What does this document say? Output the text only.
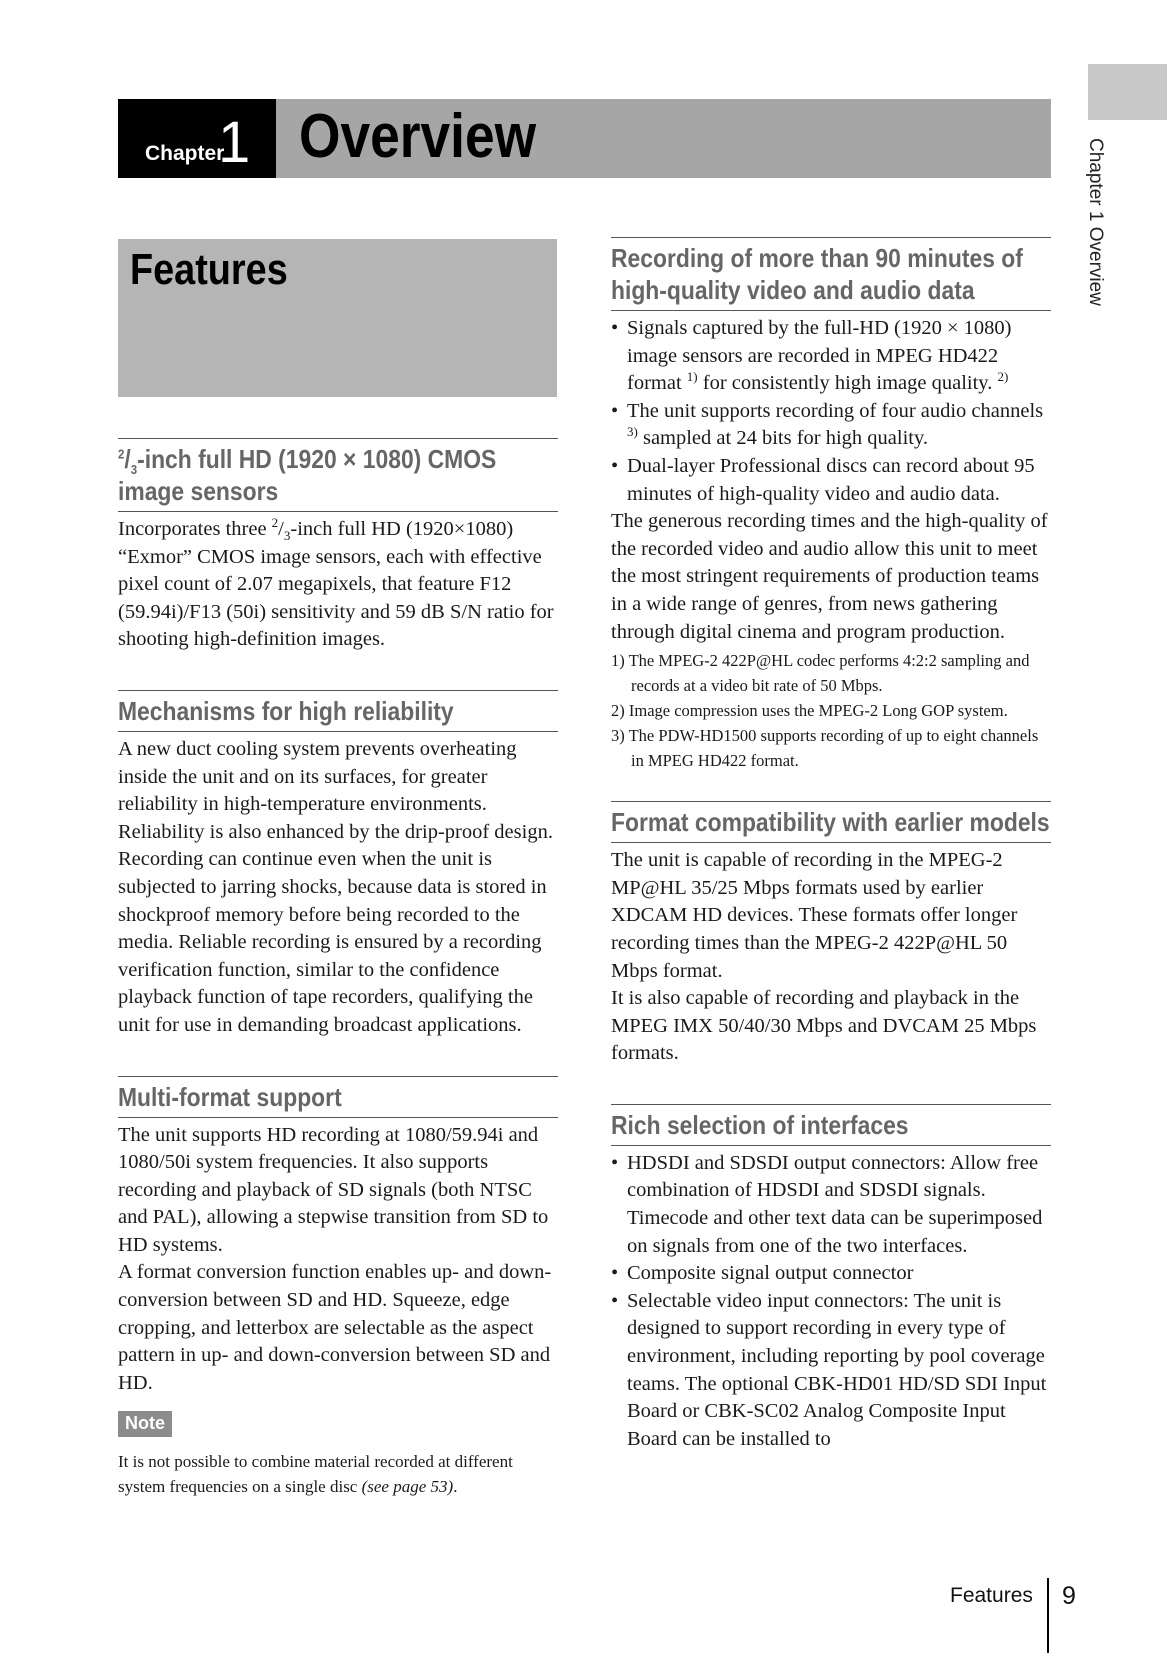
Chapter
1 Overview
Chapter 1 Overview
Features
$^2/_3$-inch full HD (1920 × 1080) CMOS image sensors

Incorporates three $^2/_3$-inch full HD (1920×1080) “Exmor” CMOS image sensors, each with effective pixel count of 2.07 megapixels, that feature F12 (59.94i)/F13 (50i) sensitivity and 59 dB S/N ratio for shooting high-definition images.

Mechanisms for high reliability

A new duct cooling system prevents overheating inside the unit and on its surfaces, for greater reliability in high-temperature environments. Reliability is also enhanced by the drip-proof design.

Recording can continue even when the unit is subjected to jarring shocks, because data is stored in shockproof memory before being recorded to the media. Reliable recording is ensured by a recording verification function, similar to the confidence playback function of tape recorders, qualifying the unit for use in demanding broadcast applications.

Multi-format support

The unit supports HD recording at 1080/59.94i and 1080/50i system frequencies. It also supports recording and playback of SD signals (both NTSC and PAL), allowing a stepwise transition from SD to HD systems.

A format conversion function enables up- and down-conversion between SD and HD. Squeeze, edge cropping, and letterbox are selectable as the aspect pattern in up- and down-conversion between SD and HD.

Note

It is not possible to combine material recorded at different system frequencies on a single disc (see page 53).

Recording of more than 90 minutes of high-quality video and audio data
• Signals captured by the full-HD (1920 × 1080) image sensors are recorded in MPEG HD422 format $^{1)}$ for consistently high image quality. $^{2)}$
• The unit supports recording of four audio channels $^{3)}$ sampled at 24 bits for high quality.
• Dual-layer Professional discs can record about 95 minutes of high-quality video and audio data.

The generous recording times and the high-quality of the recorded video and audio allow this unit to meet the most stringent requirements of production teams in a wide range of genres, from news gathering through digital cinema and program production.

1) The MPEG-2 422P@HL codec performs 4:2:2 sampling and records at a video bit rate of 50 Mbps.
2) Image compression uses the MPEG-2 Long GOP system.
3) The PDW-HD1500 supports recording of up to eight channels in MPEG HD422 format.
Format compatibility with earlier models

The unit is capable of recording in the MPEG-2 MP@HL 35/25 Mbps formats used by earlier XDCAM HD devices. These formats offer longer recording times than the MPEG-2 422P@HL 50 Mbps format.

It is also capable of recording and playback in the MPEG IMX 50/40/30 Mbps and DVCAM 25 Mbps formats.

Rich selection of interfaces
• HDSDI and SDSDI output connectors: Allow free combination of HDSDI and SDSDI signals. Timecode and other text data can be superimposed on signals from one of the two interfaces.
• Composite signal output connector
• Selectable video input connectors: The unit is designed to support recording in every type of environment, including reporting by pool coverage teams. The optional CBK-HD01 HD/SD SDI Input Board or CBK-SC02 Analog Composite Input Board can be installed to
Features 9
